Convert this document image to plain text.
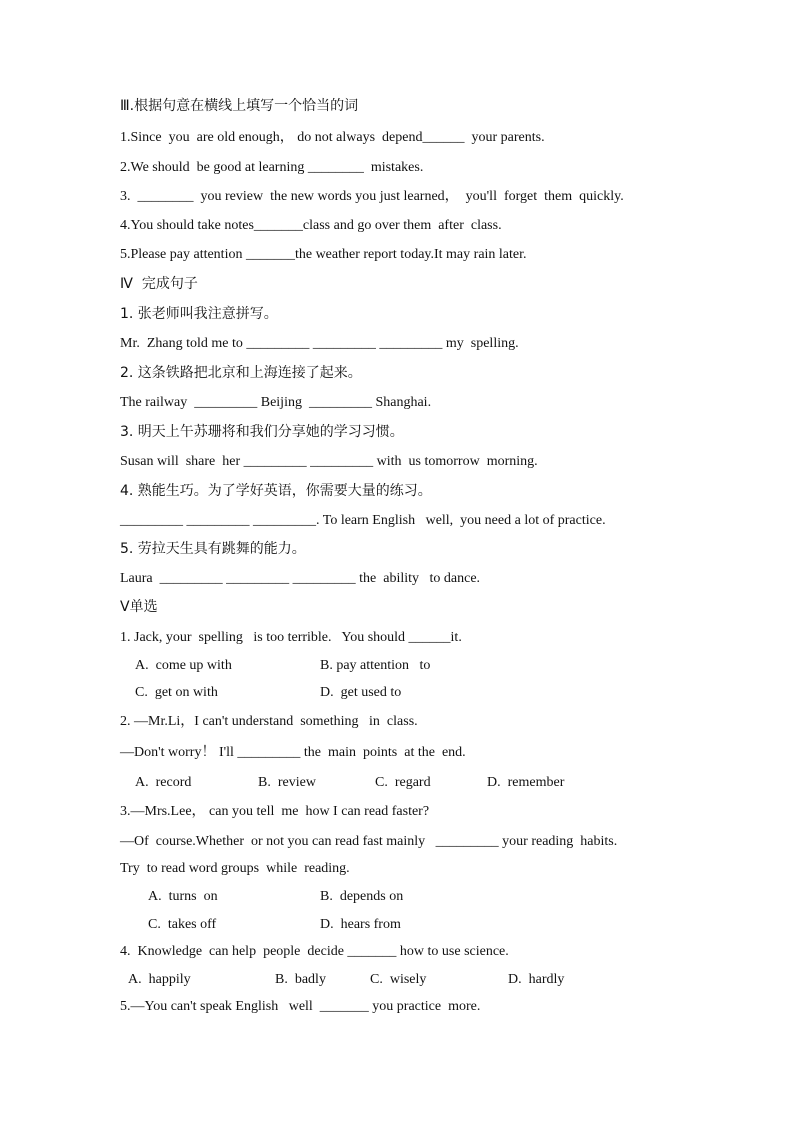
Ⅲ.根据句意在横线上填写一个恰当的词
1.Since  you  are old enough， do not always  depend______  your parents.
2.We should  be good at learning ________  mistakes.
3.  ________  you review  the new words you just learned，  you'll  forget  them  quickly.
4.You should take notes_______class and go over them  after  class.
5.Please pay attention _______the weather report today.It may rain later.
Ⅳ  完成句子
1. 张老师叫我注意拼写。
Mr.  Zhang told me to _________ _________ _________ my  spelling.
2. 这条铁路把北京和上海连接了起来。
The railway  _________ Beijing  _________ Shanghai.
3. 明天上午苏珊将和我们分享她的学习习惯。
Susan will  share  her _________ _________ with  us tomorrow  morning.
4. 熟能生巧。为了学好英语，你需要大量的练习。
_________ _________ _________. To learn English   well,  you need a lot of practice.
5. 劳拉天生具有跳舞的能力。
Laura  _________ _________ _________ the  ability   to dance.
Ⅴ单选
1. Jack, your  spelling   is too terrible.   You should ______it.
A.  come up with	B. pay attention   to
C.  get on with	D.  get used to
2. —Mr.Li，I can't understand  something   in  class.
—Don't worry！ I'll _________ the  main  points  at the  end.
A.  record	B.  review	C.  regard	D.  remember
3.—Mrs.Lee， can you tell  me  how I can read faster?
—Of  course.Whether  or not you can read fast mainly   _________ your reading  habits.
Try  to read word groups  while  reading.
A.  turns  on	B.  depends on
C.  takes off	D.  hears from
4.  Knowledge  can help  people  decide _______ how to use science.
A.  happily	B.  badly	C.  wisely	D.  hardly
5.—You can't speak English   well  _______ you practice  more.
